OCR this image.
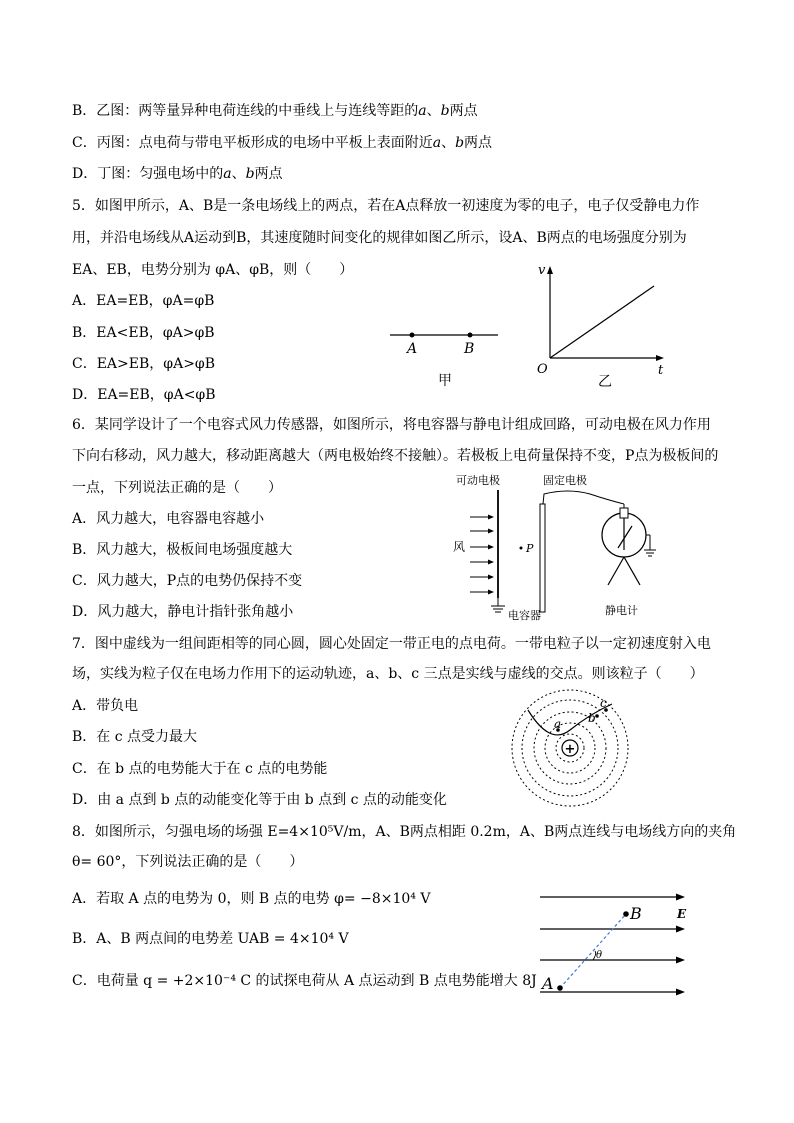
B．乙图：两等量异种电荷连线的中垂线上与连线等距的a、b两点
C．丙图：点电荷与带电平板形成的电场中平板上表面附近a、b两点
D．丁图：匀强电场中的a、b两点
5．如图甲所示，A、B是一条电场线上的两点，若在A点释放一初速度为零的电子，电子仅受静电力作
用，并沿电场线从A运动到B，其速度随时间变化的规律如图乙所示，设A、B两点的电场强度分别为
EA、EB，电势分别为 φA、φB，则（　　）
A．EA=EB，φA=φB
B．EA<EB，φA>φB
C．EA>EB，φA>φB
D．EA=EB，φA<φB
A	B
甲
v
t
O
乙
6．某同学设计了一个电容式风力传感器，如图所示，将电容器与静电计组成回路，可动电极在风力作用
下向右移动，风力越大，移动距离越大（两电极始终不接触）。若极板上电荷量保持不变，P点为极板间的
一点，下列说法正确的是（　　）
A．风力越大，电容器电容越小
B．风力越大，极板间电场强度越大
C．风力越大，P点的电势仍保持不变
D．风力越大，静电计指针张角越小
可动电极	固定电极
风	P
电容器	静电计
7．图中虚线为一组间距相等的同心圆，圆心处固定一带正电的点电荷。一带电粒子以一定初速度射入电
场，实线为粒子仅在电场力作用下的运动轨迹，a、b、c 三点是实线与虚线的交点。则该粒子（　　）
A．带负电
B．在 c 点受力最大
C．在 b 点的电势能大于在 c 点的电势能
D．由 a 点到 b 点的动能变化等于由 b 点到 c 点的动能变化
+
a b
c
8．如图所示，匀强电场的场强 E=4×10⁵V/m，A、B两点相距 0.2m，A、B两点连线与电场线方向的夹角
θ= 60°，下列说法正确的是（　　）
A．若取 A 点的电势为 0，则 B 点的电势 φ= −8×10⁴ V
B．A、B 两点间的电势差 UAB = 4×10⁴ V
C．电荷量 q = +2×10⁻⁴ C 的试探电荷从 A 点运动到 B 点电势能增大 8J
θ
A
B	E
